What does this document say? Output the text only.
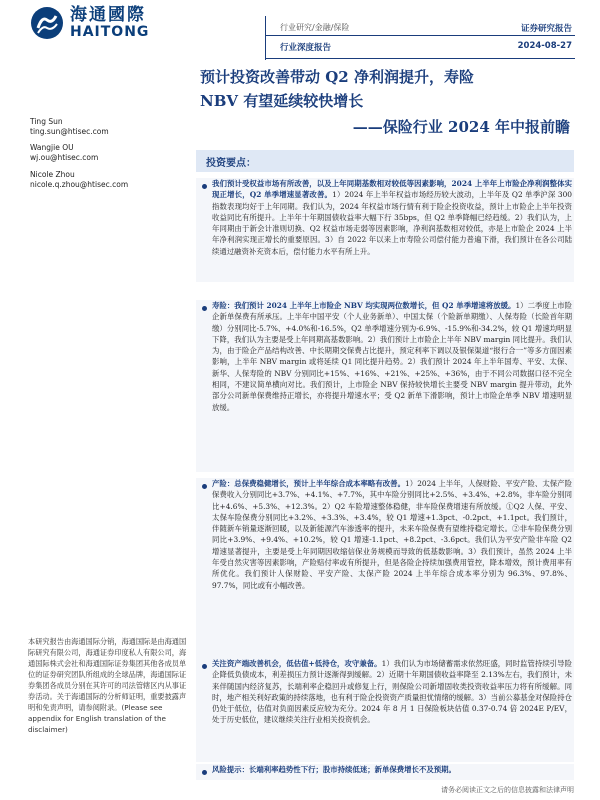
海通國際
HAITONG	行业研究/金融/保险
行业深度报告
证券研究报告
2024-08-27
预计投资改善带动 Q2 净利润提升，寿险
NBV 有望延续较快增长
——保险行业 2024 年中报前瞻
Ting Sun
ting.sun@htisec.com
Wangjie OU
wj.ou@htisec.com
Nicole Zhou
nicole.q.zhou@htisec.com
投资要点：
我们预计受权益市场有所改善，以及上年同期基数相对较低等因素影响，2024 上半年上市险企净利润整体实现正增长，Q2 单季增速显著改善。1）2024 年上半年权益市场经历较大波动，上半年及 Q2 单季沪深 300 指数表现均好于上年同期。我们认为，2024 年权益市场行情有利于险企投资收益，预计上市险企上半年投资收益同比有所提升。上半年十年期国债收益率大幅下行 35bps，但 Q2 单季降幅已经趋缓。2）我们认为，上年同期由于新会计准则切换、Q2 权益市场走弱等因素影响，净利润基数相对较低，亦是上市险企 2024 上半年净利润实现正增长的重要原因。3）自 2022 年以来上市寿险公司偿付能力普遍下滑，我们预计在各公司陆续通过融资补充资本后，偿付能力水平有所上升。
寿险：我们预计 2024 上半年上市险企 NBV 均实现两位数增长，但 Q2 单季增速将放缓。1）二季度上市险企新单保费有所承压。上半年中国平安（个人业务新单）、中国太保（个险新单期缴）、人保寿险（长险首年期缴）分别同比-5.7%、+4.0%和-16.5%，Q2 单季增速分别为-6.9%、-15.9%和-34.2%，较 Q1 增速均明显下降，我们认为主要是受上年同期高基数影响。2）我们预计上市险企上半年 NBV margin 同比提升。我们认为，由于险企产品结构改善、中长期期交保费占比提升，预定利率下调以及银保渠道“报行合一”等多方面因素影响，上半年 NBV margin 或将延续 Q1 同比提升趋势。2）我们预计 2024 年上半年国寿、平安、太保、新华、人保寿险的 NBV 分别同比+15%、+16%、+21%、+25%、+36%，由于不同公司数据口径不完全相同，不建议简单横向对比。我们预计，上市险企 NBV 保持较快增长主要受 NBV margin 提升带动，此外部分公司新单保费维持正增长，亦将提升增速水平；受 Q2 新单下滑影响，预计上市险企单季 NBV 增速明显放缓。
产险：总保费稳健增长，预计上半年综合成本率略有改善。1）2024 上半年，人保财险、平安产险、太保产险保费收入分别同比+3.7%、+4.1%、+7.7%，其中车险分别同比+2.5%、+3.4%、+2.8%，非车险分别同比+4.6%、+5.3%、+12.3%。2）Q2 车险增速整体稳健，非车险保费增速有所放缓。①Q2 人保、平安、太保车险保费分别同比+3.2%、+3.3%、+3.4%，较 Q1 增速+1.3pct、-0.2pct、+1.1pct。我们预计，伴随新车销量逐渐回暖，以及新能源汽车渗透率的提升，未来车险保费有望维持稳定增长。②非车险保费分别同比+3.9%、+9.4%、+10.2%，较 Q1 增速-1.1pct、+8.2pct、-3.6pct。我们认为平安产险非车险 Q2 增速显著提升，主要是受上年同期因收缩信保业务规模而导致的低基数影响。3）我们预计，虽然 2024 上半年受自然灾害等因素影响，产险赔付率或有所提升，但是各险企持续加强费用管控，降本增效，预计费用率有所优化。我们预计人保财险、平安产险、太保产险 2024 上半年综合成本率分别为 96.3%、97.8%、97.7%，同比或有小幅改善。
关注资产端改善机会，低估值+低持仓，攻守兼备。1）我们认为市场储蓄需求依然旺盛，同时监管持续引导险企降低负债成本，利差损压力预计逐渐得到缓解。2）近期十年期国债收益率降至 2.13%左右，我们预计，未来伴随国内经济复苏，长端利率企稳回升或修复上行，则保险公司新增固收类投资收益率压力将有所缓解。同时，地产相关利好政策的持续落地，也有利于险企投资资产质量担忧情绪的缓解。3）当前公募基金对保险持仓仍处于低位，估值对负面因素反应较为充分。2024 年 8 月 1 日保险板块估值 0.37-0.74 倍 2024E P/EV，处于历史低位，建议继续关注行业相关投资机会。
风险提示：长端利率趋势性下行；股市持续低迷；新单保费增长不及预期。
本研究报告由海通国际分销，海通国际是由海通国际研究有限公司，海通证券印度私人有限公司，海通国际株式会社和海通国际证券集团其他各成员单位的证券研究团队所组成的全球品牌，海通国际证券集团各成员分别在其许可的司法管辖区内从事证券活动。关于海通国际的分析师证明，重要披露声明和免责声明，请参阅附录。(Please see appendix for English translation of the disclaimer)
请务必阅读正文之后的信息披露和法律声明
